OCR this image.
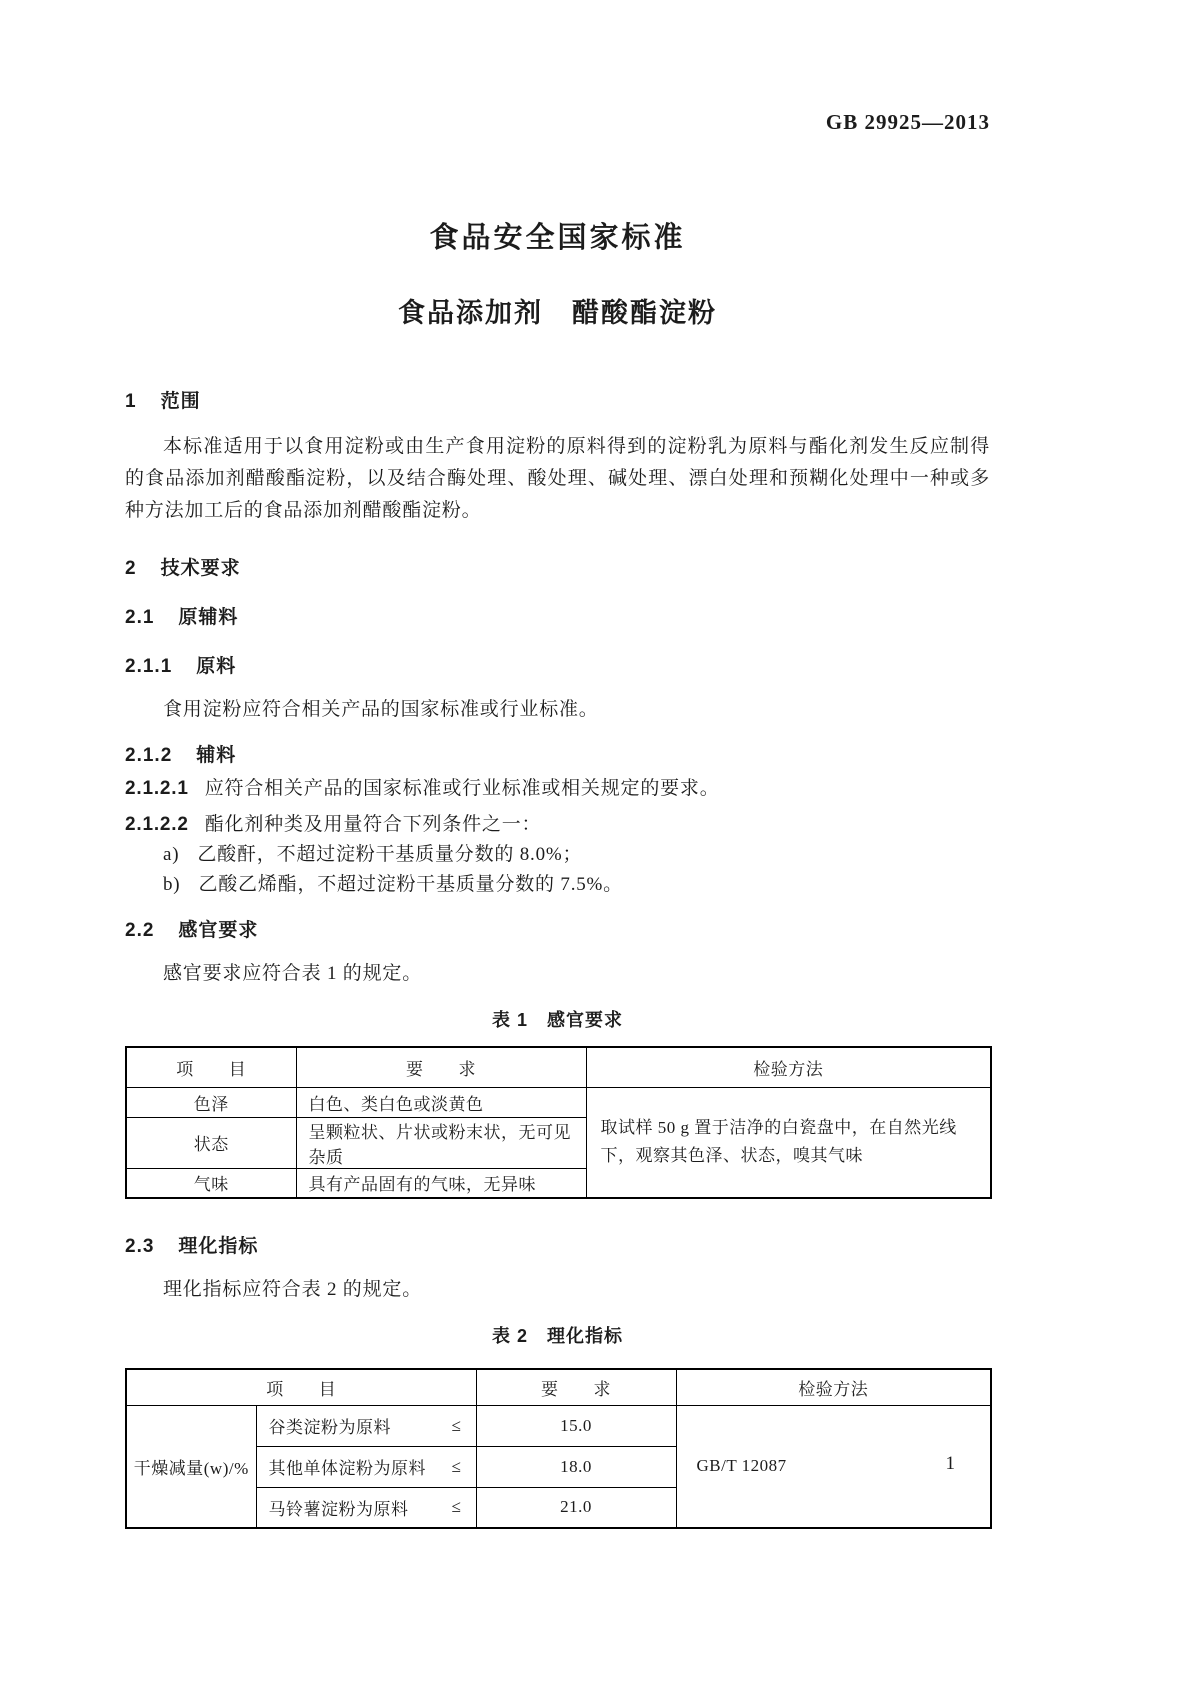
GB 29925—2013
食品安全国家标准
食品添加剂　醋酸酯淀粉
1 范围
本标准适用于以食用淀粉或由生产食用淀粉的原料得到的淀粉乳为原料与酯化剂发生反应制得的食品添加剂醋酸酯淀粉，以及结合酶处理、酸处理、碱处理、漂白处理和预糊化处理中一种或多种方法加工后的食品添加剂醋酸酯淀粉。
2 技术要求
2.1 原辅料
2.1.1 原料
食用淀粉应符合相关产品的国家标准或行业标准。
2.1.2 辅料
2.1.2.1 应符合相关产品的国家标准或行业标准或相关规定的要求。
2.1.2.2 酯化剂种类及用量符合下列条件之一：
a) 乙酸酐，不超过淀粉干基质量分数的 8.0%；
b) 乙酸乙烯酯，不超过淀粉干基质量分数的 7.5%。
2.2 感官要求
感官要求应符合表 1 的规定。
表 1　感官要求
项　　目	要　　求	检验方法
色泽	白色、类白色或淡黄色	取试样 50 g 置于洁净的白瓷盘中，在自然光线下，观察其色泽、状态，嗅其气味
状态	呈颗粒状、片状或粉末状，无可见杂质	
气味	具有产品固有的气味，无异味	
2.3 理化指标
理化指标应符合表 2 的规定。
表 2　理化指标
项　　目		要　　求	检验方法
干燥减量(w)/%	谷类淀粉为原料 ≤	15.0	GB/T 12087

	其他单体淀粉为原料 ≤	18.0	

	马铃薯淀粉为原料 ≤	21.0	
1
